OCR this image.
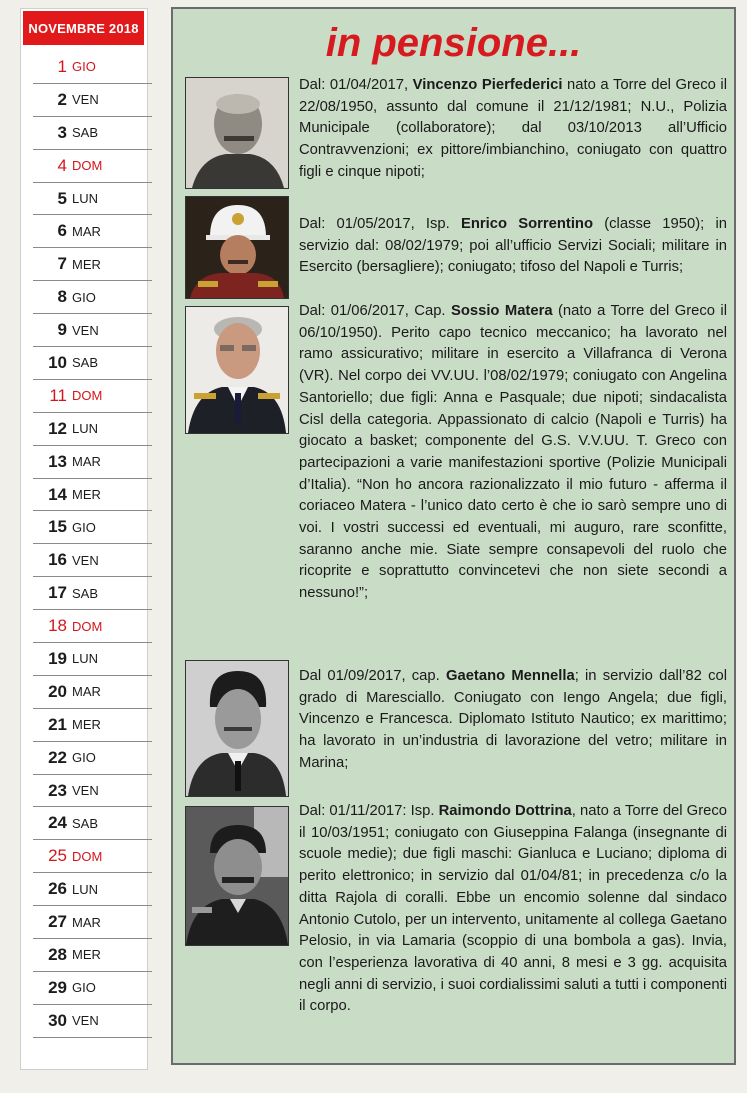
NOVEMBRE 2018
1 GIO
2 VEN
3 SAB
4 DOM
5 LUN
6 MAR
7 MER
8 GIO
9 VEN
10 SAB
11 DOM
12 LUN
13 MAR
14 MER
15 GIO
16 VEN
17 SAB
18 DOM
19 LUN
20 MAR
21 MER
22 GIO
23 VEN
24 SAB
25 DOM
26 LUN
27 MAR
28 MER
29 GIO
30 VEN
in pensione...

Dal: 01/04/2017, Vincenzo Pierfederici nato a Torre del Greco il 22/08/1950, assunto dal comune il 21/12/1981; N.U., Polizia Municipale (collaboratore); dal 03/10/2013 all’Ufficio Contravvenzioni; ex pittore/imbianchino, coniugato con quattro figli e cinque nipoti;

Dal: 01/05/2017, Isp. Enrico Sorrentino (classe 1950); in servizio dal: 08/02/1979; poi all’ufficio Servizi Sociali; militare in Esercito (bersagliere); coniugato; tifoso del Napoli e Turris;

Dal: 01/06/2017, Cap. Sossio Matera (nato a Torre del Greco il 06/10/1950). Perito capo tecnico meccanico; ha lavorato nel ramo assicurativo; militare in esercito a Villafranca di Verona (VR). Nel corpo dei VV.UU. l’08/02/1979; coniugato con Angelina Santoriello; due figli: Anna e Pasquale; due nipoti; sindacalista Cisl della categoria. Appassionato di calcio (Napoli e Turris) ha giocato a basket; componente del G.S. V.V.UU. T. Greco con partecipazioni a varie manifestazioni sportive (Polizie Municipali d’Italia). “Non ho ancora razionalizzato il mio futuro - afferma il coriaceo Matera - l’unico dato certo è che io sarò sempre uno di voi. I vostri successi ed eventuali, mi auguro, rare sconfitte, saranno anche mie. Siate sempre consapevoli del ruolo che ricoprite e soprattutto convincetevi che non siete secondi a nessuno!”;

Dal 01/09/2017, cap. Gaetano Mennella; in servizio dall’82 col grado di Maresciallo. Coniugato con Iengo Angela; due figli, Vincenzo e Francesca. Diplomato Istituto Nautico; ex marittimo; ha lavorato in un’industria di lavorazione del vetro; militare in Marina;

Dal: 01/11/2017: Isp. Raimondo Dottrina, nato a Torre del Greco il 10/03/1951; coniugato con Giuseppina Falanga (insegnante di scuole medie); due figli maschi: Gianluca e Luciano; diploma di perito elettronico; in servizio dal 01/04/81; in precedenza c/o la ditta Rajola di coralli. Ebbe un encomio solenne dal sindaco Antonio Cutolo, per un intervento, unitamente al collega Gaetano Pelosio, in via Lamaria (scoppio di una bombola a gas). Invia, con l’esperienza lavorativa di 40 anni, 8 mesi e 3 gg. acquisita negli anni di servizio, i suoi cordialissimi saluti a tutti i componenti il corpo.
